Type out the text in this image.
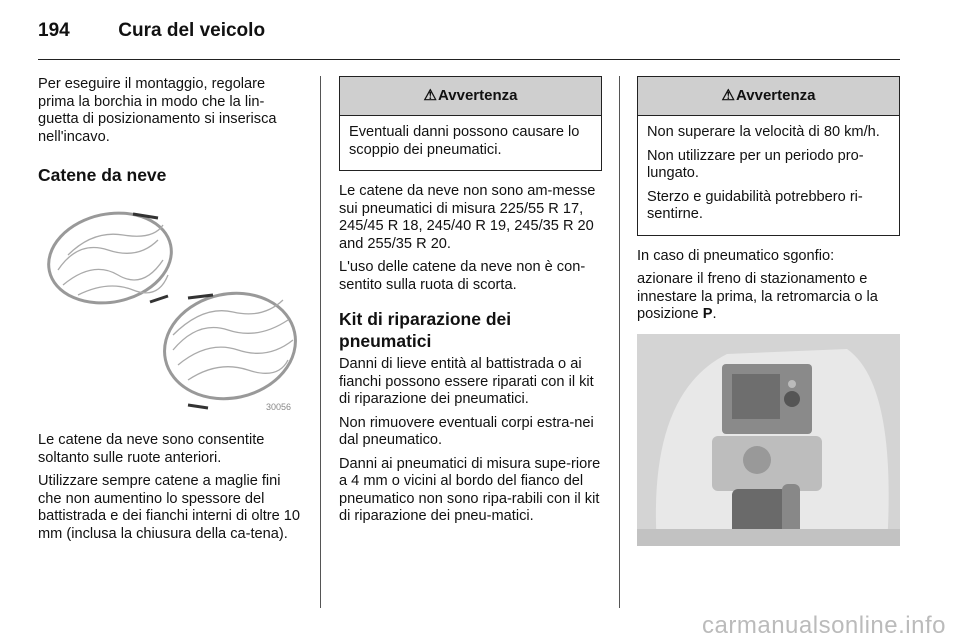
194	Cura del veicolo

Per eseguire il montaggio, regolare prima la borchia in modo che la lin-guetta di posizionamento si inserisca nell'incavo.

Catene da neve
30056

Le catene da neve sono consentite soltanto sulle ruote anteriori.

Utilizzare sempre catene a maglie fini che non aumentino lo spessore del battistrada e dei fianchi interni di oltre 10 mm (inclusa la chiusura della ca-tena).

⚠ Avvertenza

Eventuali danni possono causare lo scoppio dei pneumatici.

Le catene da neve non sono am-messe sui pneumatici di misura 225/55 R 17, 245/45 R 18, 245/40 R 19, 245/35 R 20 and 255/35 R 20.

L'uso delle catene da neve non è con-sentito sulla ruota di scorta.

Kit di riparazione dei pneumatici

Danni di lieve entità al battistrada o ai fianchi possono essere riparati con il kit di riparazione dei pneumatici.

Non rimuovere eventuali corpi estra-nei dal pneumatico.

Danni ai pneumatici di misura supe-riore a 4 mm o vicini al bordo del fianco del pneumatico non sono ripa-rabili con il kit di riparazione dei pneu-matici.

⚠ Avvertenza

Non superare la velocità di 80 km/h.

Non utilizzare per un periodo pro-lungato.

Sterzo e guidabilità potrebbero ri-sentirne.

In caso di pneumatico sgonfio:

azionare il freno di stazionamento e innestare la prima, la retromarcia o la posizione P.

carmanualsonline.info
